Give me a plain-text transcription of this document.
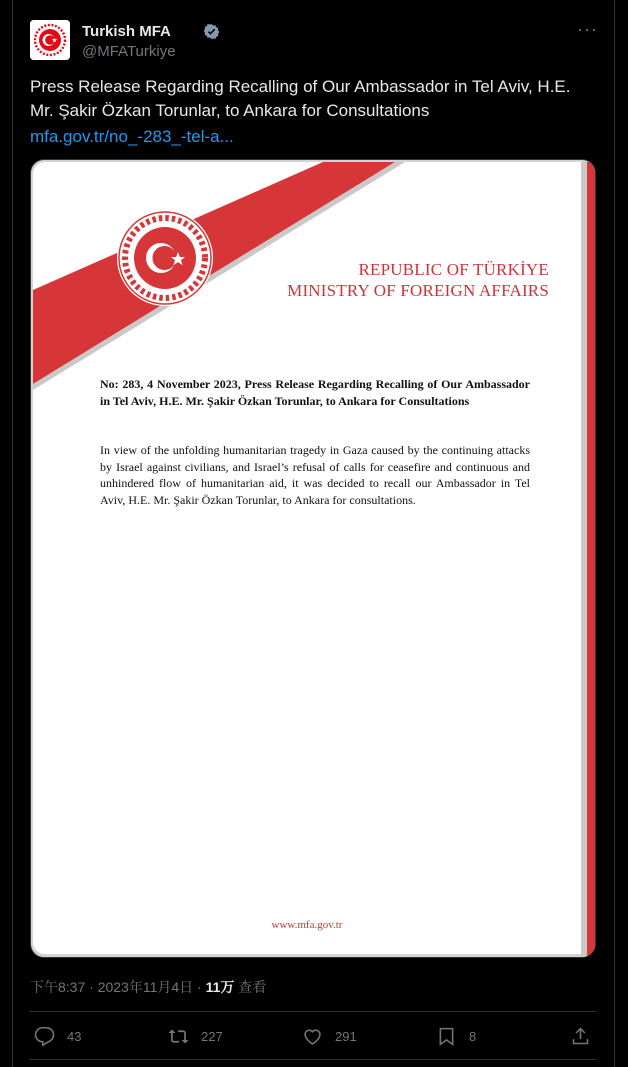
Turkish MFA
@MFATurkiye
···
Press Release Regarding Recalling of Our Ambassador in Tel Aviv, H.E. Mr. Şakir Özkan Torunlar, to Ankara for Consultations
mfa.gov.tr/no_-283_-tel-a...
REPUBLIC OF TÜRKİYE
MINISTRY OF FOREIGN AFFAIRS
No: 283, 4 November 2023, Press Release Regarding Recalling of Our Ambassador in Tel Aviv, H.E. Mr. Şakir Özkan Torunlar, to Ankara for Consultations
In view of the unfolding humanitarian tragedy in Gaza caused by the continuing attacks by Israel against civilians, and Israel’s refusal of calls for ceasefire and continuous and unhindered flow of humanitarian aid, it was decided to recall our Ambassador in Tel Aviv, H.E. Mr. Şakir Özkan Torunlar, to Ankara for consultations.
www.mfa.gov.tr
下午8:37 · 2023年11月4日 · 11万 查看
43	227	291	8
